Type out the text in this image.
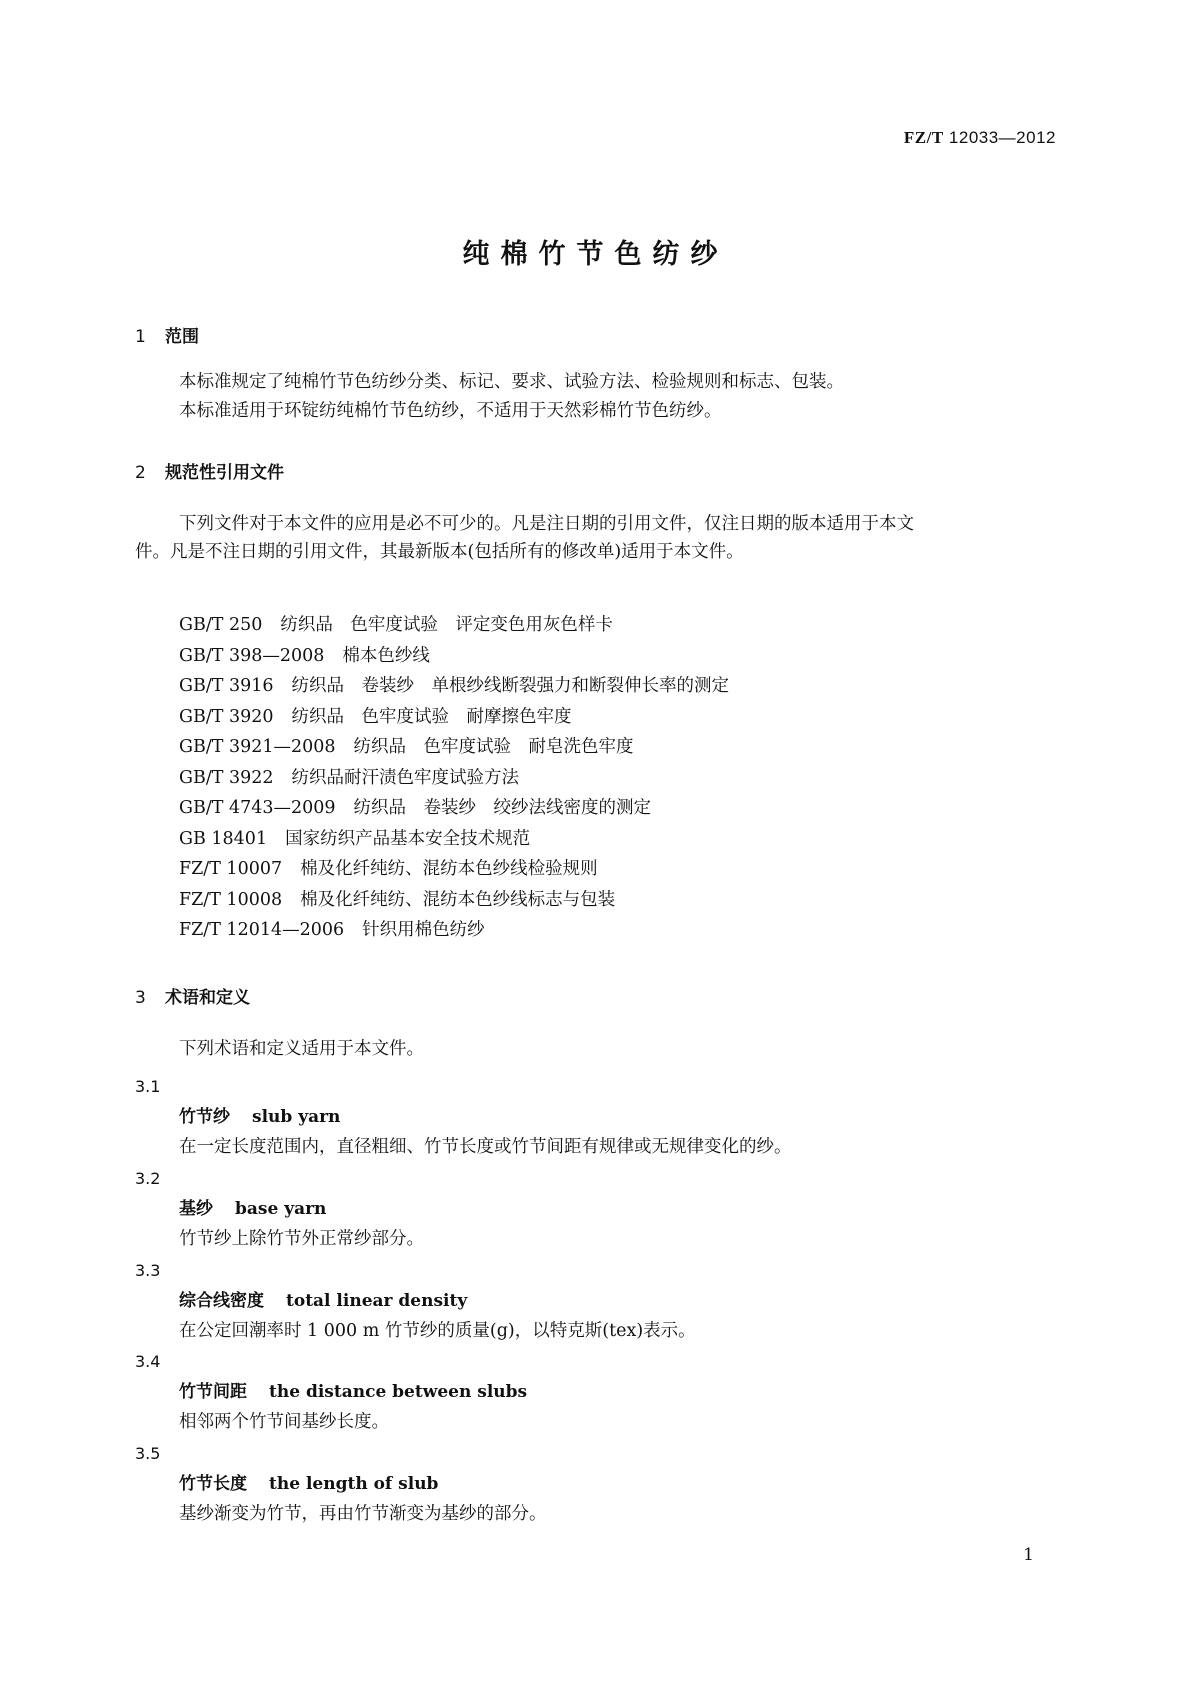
FZ/T 12033—2012
纯棉竹节色纺纱
1 范围
本标准规定了纯棉竹节色纺纱分类、标记、要求、试验方法、检验规则和标志、包装。
本标准适用于环锭纺纯棉竹节色纺纱，不适用于天然彩棉竹节色纺纱。
2 规范性引用文件
下列文件对于本文件的应用是必不可少的。凡是注日期的引用文件，仅注日期的版本适用于本文
件。凡是不注日期的引用文件，其最新版本(包括所有的修改单)适用于本文件。
GB/T 250 纺织品　色牢度试验　评定变色用灰色样卡
GB/T 398—2008 棉本色纱线
GB/T 3916 纺织品　卷装纱　单根纱线断裂强力和断裂伸长率的测定
GB/T 3920 纺织品　色牢度试验　耐摩擦色牢度
GB/T 3921—2008 纺织品　色牢度试验　耐皂洗色牢度
GB/T 3922 纺织品耐汗渍色牢度试验方法
GB/T 4743—2009 纺织品　卷装纱　绞纱法线密度的测定
GB 18401 国家纺织产品基本安全技术规范
FZ/T 10007 棉及化纤纯纺、混纺本色纱线检验规则
FZ/T 10008 棉及化纤纯纺、混纺本色纱线标志与包装
FZ/T 12014—2006 针织用棉色纺纱
3 术语和定义
下列术语和定义适用于本文件。
3.1
竹节纱 slub yarn
在一定长度范围内，直径粗细、竹节长度或竹节间距有规律或无规律变化的纱。
3.2
基纱 base yarn
竹节纱上除竹节外正常纱部分。
3.3
综合线密度 total linear density
在公定回潮率时 1 000 m 竹节纱的质量(g)，以特克斯(tex)表示。
3.4
竹节间距 the distance between slubs
相邻两个竹节间基纱长度。
3.5
竹节长度 the length of slub
基纱渐变为竹节，再由竹节渐变为基纱的部分。
1
